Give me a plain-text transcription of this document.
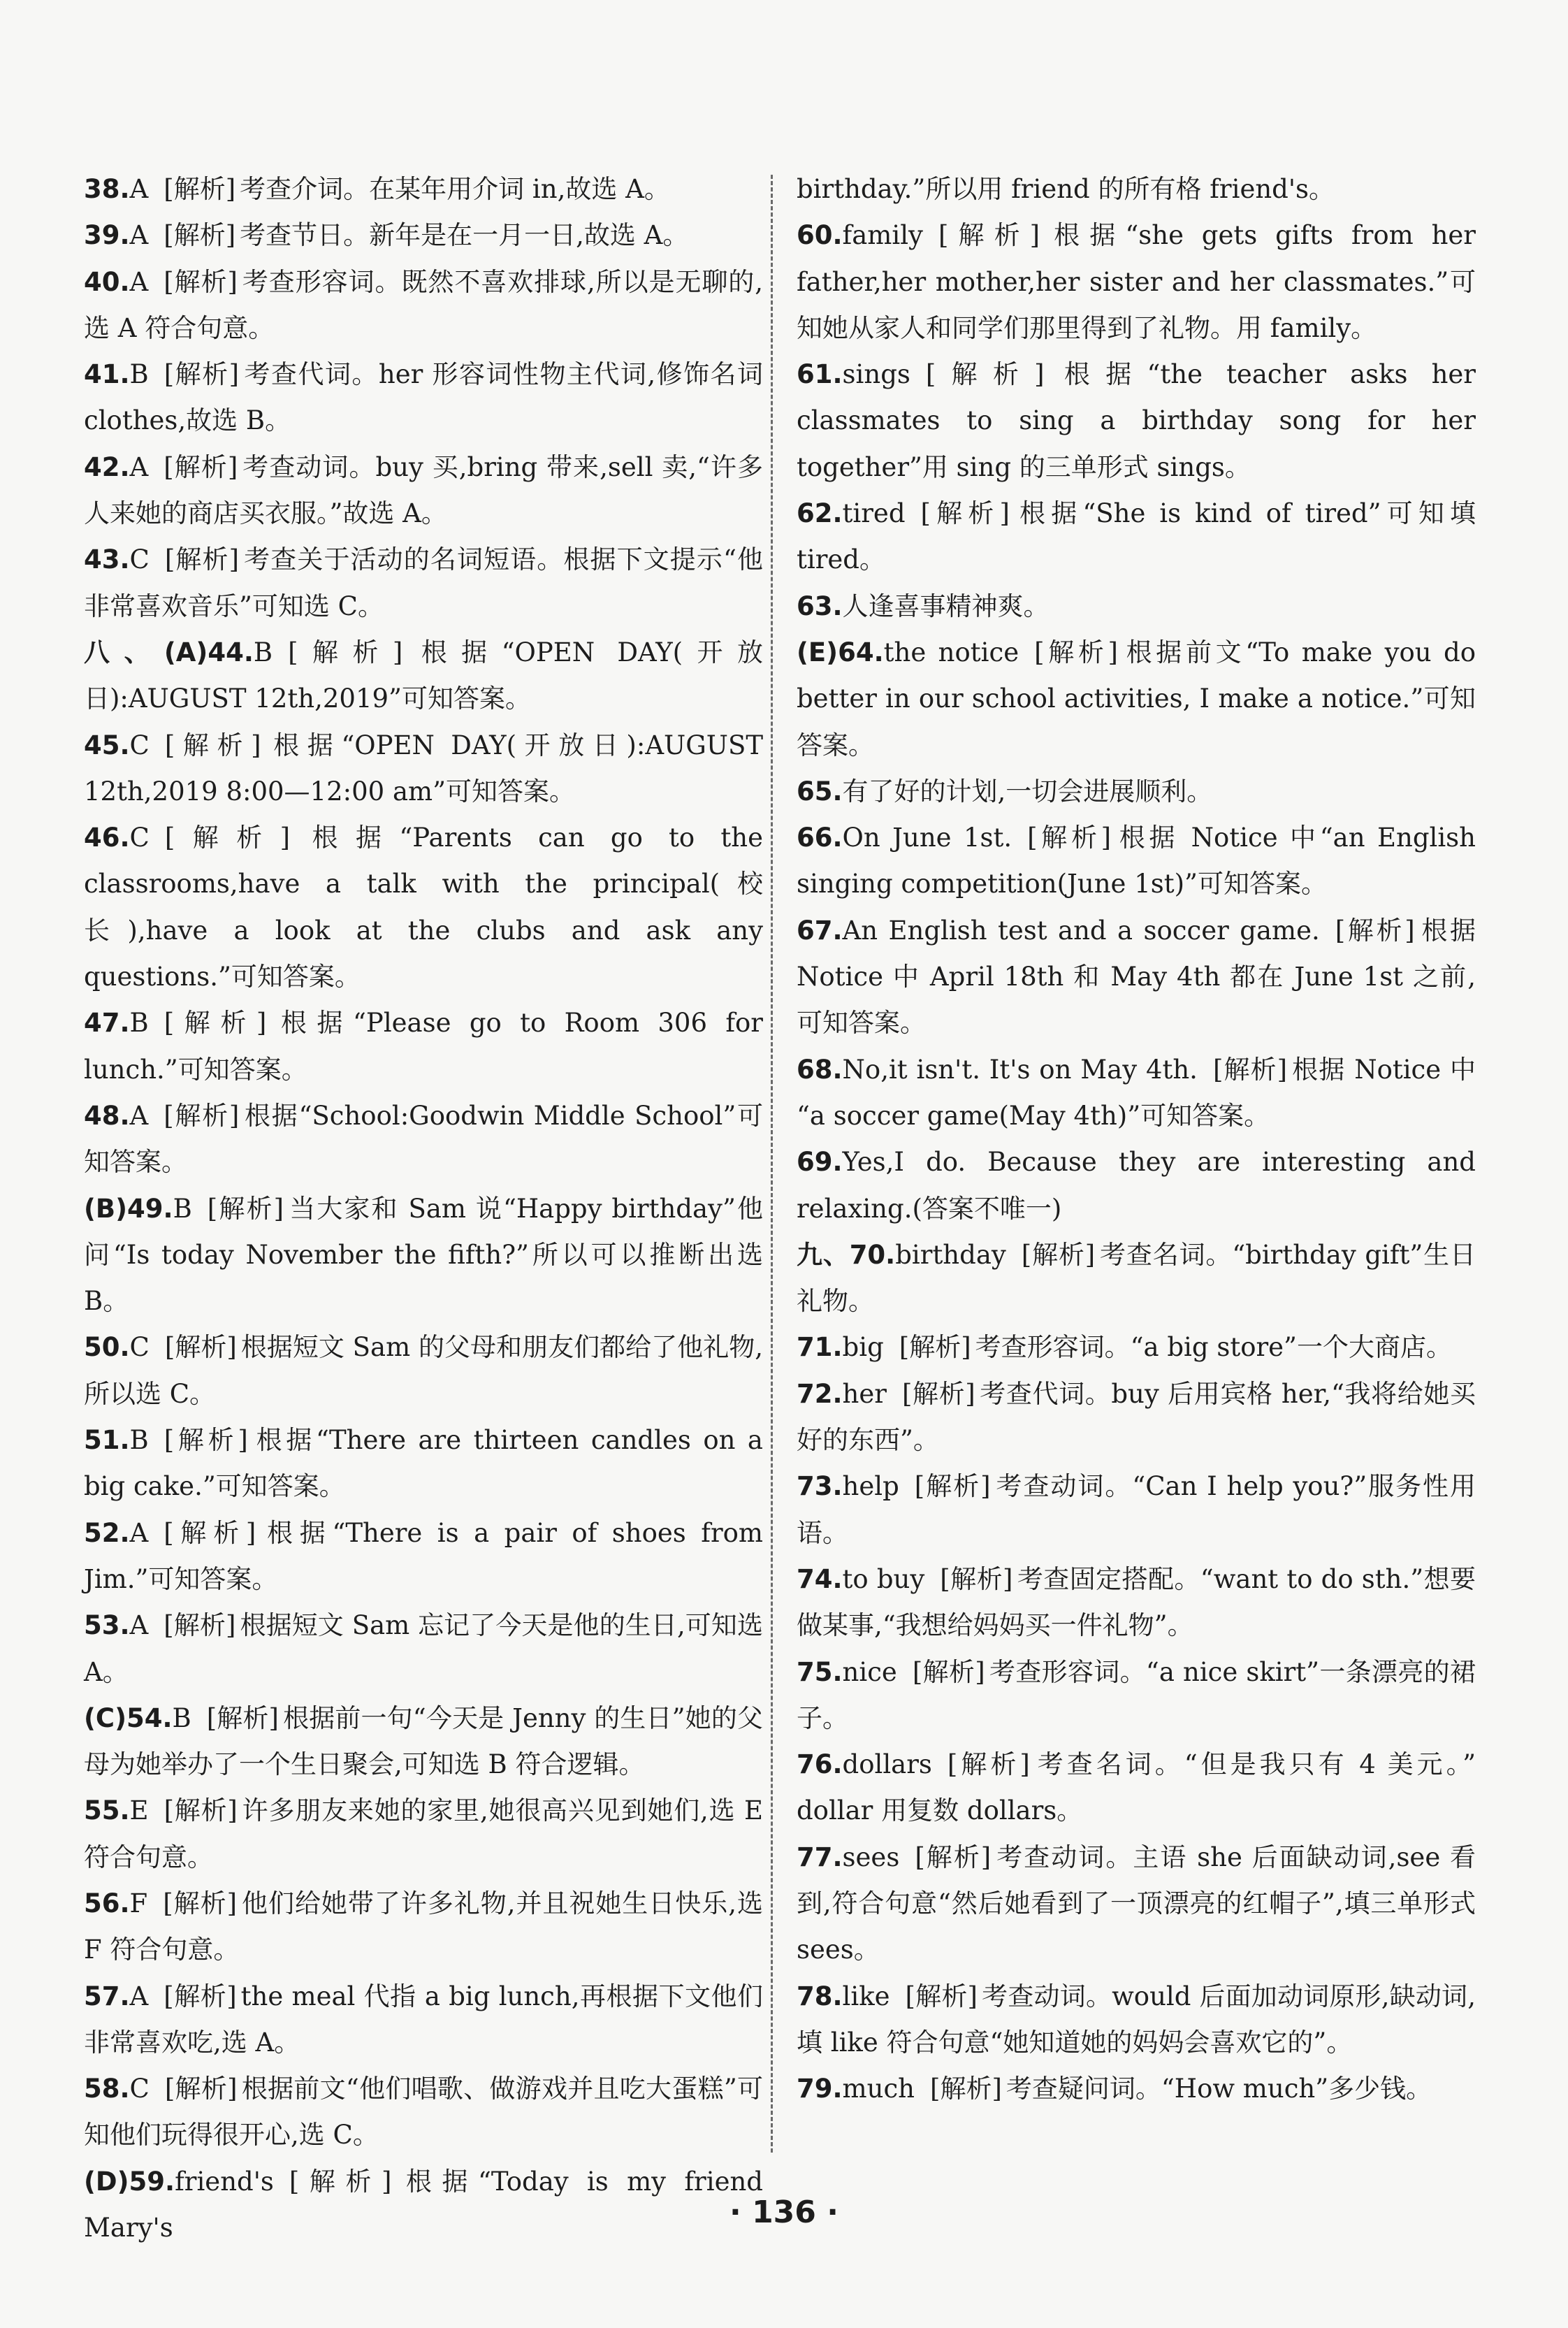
38.A [解析] 考查介词。在某年用介词 in,故选 A。

39.A [解析] 考查节日。新年是在一月一日,故选 A。

40.A [解析] 考查形容词。既然不喜欢排球,所以是无聊的,选 A 符合句意。

41.B [解析] 考查代词。her 形容词性物主代词,修饰名词 clothes,故选 B。

42.A [解析] 考查动词。buy 买,bring 带来,sell 卖,“许多人来她的商店买衣服。”故选 A。

43.C [解析] 考查关于活动的名词短语。根据下文提示“他非常喜欢音乐”可知选 C。

八、(A)44.B [解析] 根据“OPEN DAY(开放日):AUGUST 12th,2019”可知答案。

45.C [解析] 根据“OPEN DAY(开放日):AUGUST 12th,2019 8:00—12:00 am”可知答案。

46.C [解析] 根据“Parents can go to the classrooms,have a talk with the principal(校长),have a look at the clubs and ask any questions.”可知答案。

47.B [解析] 根据“Please go to Room 306 for lunch.”可知答案。

48.A [解析] 根据“School:Goodwin Middle School”可知答案。

(B)49.B [解析] 当大家和 Sam 说“Happy birthday”他问“Is today November the fifth?”所以可以推断出选 B。

50.C [解析] 根据短文 Sam 的父母和朋友们都给了他礼物,所以选 C。

51.B [解析] 根据“There are thirteen candles on a big cake.”可知答案。

52.A [解析] 根据“There is a pair of shoes from Jim.”可知答案。

53.A [解析] 根据短文 Sam 忘记了今天是他的生日,可知选 A。

(C)54.B [解析] 根据前一句“今天是 Jenny 的生日”她的父母为她举办了一个生日聚会,可知选 B 符合逻辑。

55.E [解析] 许多朋友来她的家里,她很高兴见到她们,选 E 符合句意。

56.F [解析] 他们给她带了许多礼物,并且祝她生日快乐,选 F 符合句意。

57.A [解析] the meal 代指 a big lunch,再根据下文他们非常喜欢吃,选 A。

58.C [解析] 根据前文“他们唱歌、做游戏并且吃大蛋糕”可知他们玩得很开心,选 C。

(D)59.friend's [解析] 根据“Today is my friend Mary's

birthday.”所以用 friend 的所有格 friend's。

60.family [解析] 根据“she gets gifts from her father,her mother,her sister and her classmates.”可知她从家人和同学们那里得到了礼物。用 family。

61.sings [解析] 根据“the teacher asks her classmates to sing a birthday song for her together”用 sing 的三单形式 sings。

62.tired [解析] 根据“She is kind of tired”可知填 tired。

63.人逢喜事精神爽。

(E)64.the notice [解析] 根据前文“To make you do better in our school activities, I make a notice.”可知答案。

65.有了好的计划,一切会进展顺利。

66.On June 1st. [解析] 根据 Notice 中“an English singing competition(June 1st)”可知答案。

67.An English test and a soccer game. [解析] 根据 Notice 中 April 18th 和 May 4th 都在 June 1st 之前,可知答案。

68.No,it isn't. It's on May 4th. [解析] 根据 Notice 中 “a soccer game(May 4th)”可知答案。

69.Yes,I do. Because they are interesting and relaxing.(答案不唯一)

九、70.birthday [解析] 考查名词。“birthday gift”生日礼物。

71.big [解析] 考查形容词。“a big store”一个大商店。

72.her [解析] 考查代词。buy 后用宾格 her,“我将给她买好的东西”。

73.help [解析] 考查动词。“Can I help you?”服务性用语。

74.to buy [解析] 考查固定搭配。“want to do sth.”想要做某事,“我想给妈妈买一件礼物”。

75.nice [解析] 考查形容词。“a nice skirt”一条漂亮的裙子。

76.dollars [解析] 考查名词。“但是我只有 4 美元。” dollar 用复数 dollars。

77.sees [解析] 考查动词。主语 she 后面缺动词,see 看到,符合句意“然后她看到了一顶漂亮的红帽子”,填三单形式 sees。

78.like [解析] 考查动词。would 后面加动词原形,缺动词,填 like 符合句意“她知道她的妈妈会喜欢它的”。

79.much [解析] 考查疑问词。“How much”多少钱。

· 136 ·
